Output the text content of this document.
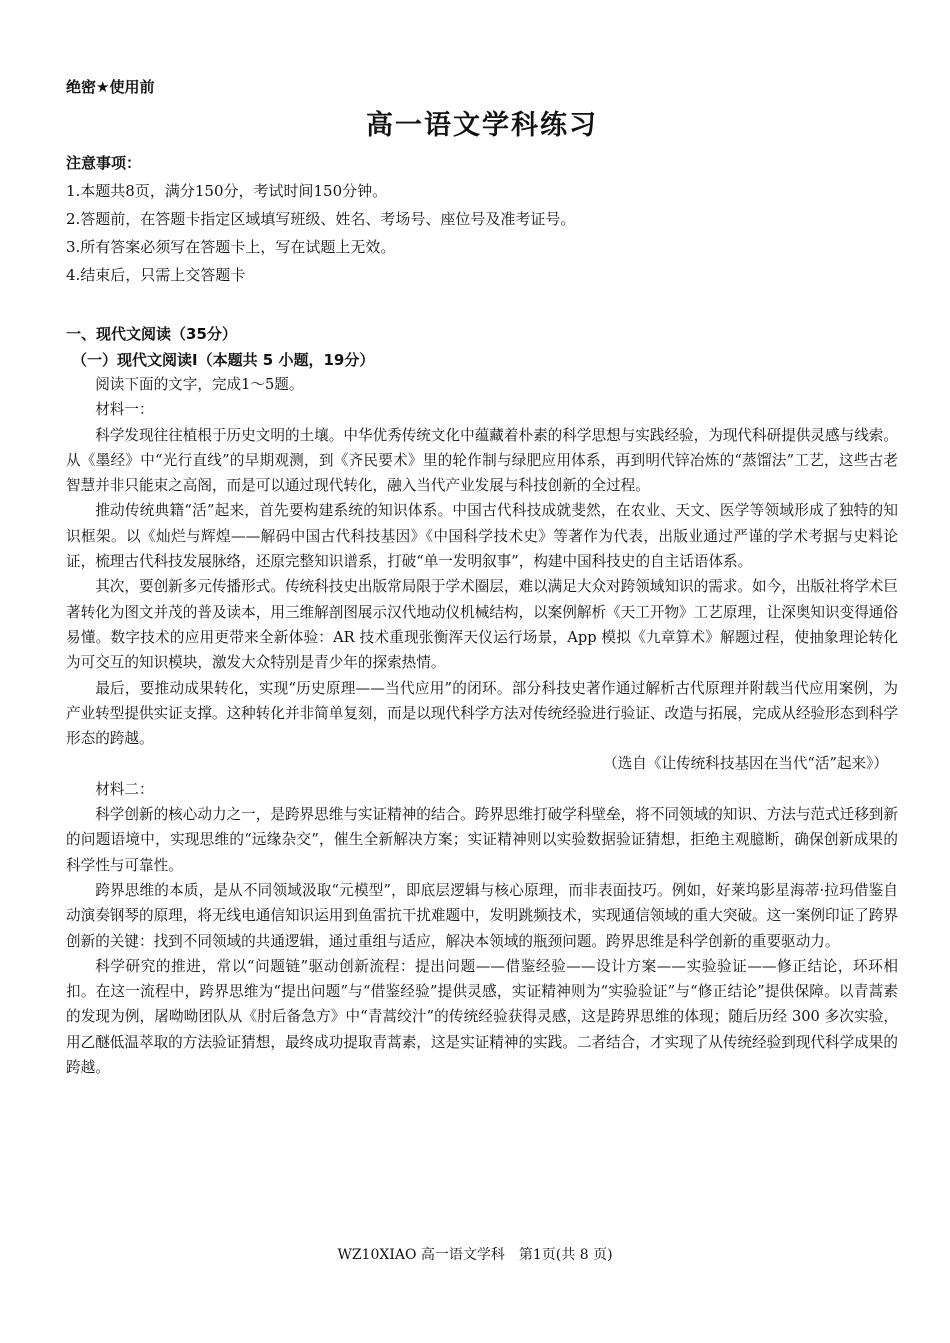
绝密★使用前

高一语文学科练习

注意事项：

1.本题共8页，满分150分，考试时间150分钟。

2.答题前，在答题卡指定区域填写班级、姓名、考场号、座位号及准考证号。

3.所有答案必须写在答题卡上，写在试题上无效。

4.结束后，只需上交答题卡

一、现代文阅读（35分）

（一）现代文阅读Ⅰ（本题共 5 小题，19分）

阅读下面的文字，完成1～5题。

材料一：

科学发现往往植根于历史文明的土壤。中华优秀传统文化中蕴藏着朴素的科学思想与实践经验，为现代科研提供灵感与线索。从《墨经》中“光行直线”的早期观测，到《齐民要术》里的轮作制与绿肥应用体系，再到明代锌冶炼的“蒸馏法”工艺，这些古老智慧并非只能束之高阁，而是可以通过现代转化，融入当代产业发展与科技创新的全过程。

推动传统典籍“活”起来，首先要构建系统的知识体系。中国古代科技成就斐然，在农业、天文、医学等领域形成了独特的知识框架。以《灿烂与辉煌——解码中国古代科技基因》《中国科学技术史》等著作为代表，出版业通过严谨的学术考据与史料论证，梳理古代科技发展脉络，还原完整知识谱系，打破“单一发明叙事”，构建中国科技史的自主话语体系。

其次，要创新多元传播形式。传统科技史出版常局限于学术圈层，难以满足大众对跨领域知识的需求。如今，出版社将学术巨著转化为图文并茂的普及读本，用三维解剖图展示汉代地动仪机械结构，以案例解析《天工开物》工艺原理，让深奥知识变得通俗易懂。数字技术的应用更带来全新体验：AR 技术重现张衡浑天仪运行场景，App 模拟《九章算术》解题过程，使抽象理论转化为可交互的知识模块，激发大众特别是青少年的探索热情。

最后，要推动成果转化，实现“历史原理——当代应用”的闭环。部分科技史著作通过解析古代原理并附载当代应用案例，为产业转型提供实证支撑。这种转化并非简单复刻，而是以现代科学方法对传统经验进行验证、改造与拓展，完成从经验形态到科学形态的跨越。

（选自《让传统科技基因在当代“活”起来》）

材料二：

科学创新的核心动力之一，是跨界思维与实证精神的结合。跨界思维打破学科壁垒，将不同领域的知识、方法与范式迁移到新的问题语境中，实现思维的“远缘杂交”，催生全新解决方案；实证精神则以实验数据验证猜想，拒绝主观臆断，确保创新成果的科学性与可靠性。

跨界思维的本质，是从不同领域汲取“元模型”，即底层逻辑与核心原理，而非表面技巧。例如，好莱坞影星海蒂·拉玛借鉴自动演奏钢琴的原理，将无线电通信知识运用到鱼雷抗干扰难题中，发明跳频技术，实现通信领域的重大突破。这一案例印证了跨界创新的关键：找到不同领域的共通逻辑，通过重组与适应，解决本领域的瓶颈问题。跨界思维是科学创新的重要驱动力。

科学研究的推进，常以“问题链”驱动创新流程：提出问题——借鉴经验——设计方案——实验验证——修正结论，环环相扣。在这一流程中，跨界思维为“提出问题”与“借鉴经验”提供灵感，实证精神则为“实验验证”与“修正结论”提供保障。以青蒿素的发现为例，屠呦呦团队从《肘后备急方》中“青蒿绞汁”的传统经验获得灵感，这是跨界思维的体现；随后历经 300 多次实验，用乙醚低温萃取的方法验证猜想，最终成功提取青蒿素，这是实证精神的实践。二者结合，才实现了从传统经验到现代科学成果的跨越。

WZ10XIAO 高一语文学科　第1页(共 8 页)
